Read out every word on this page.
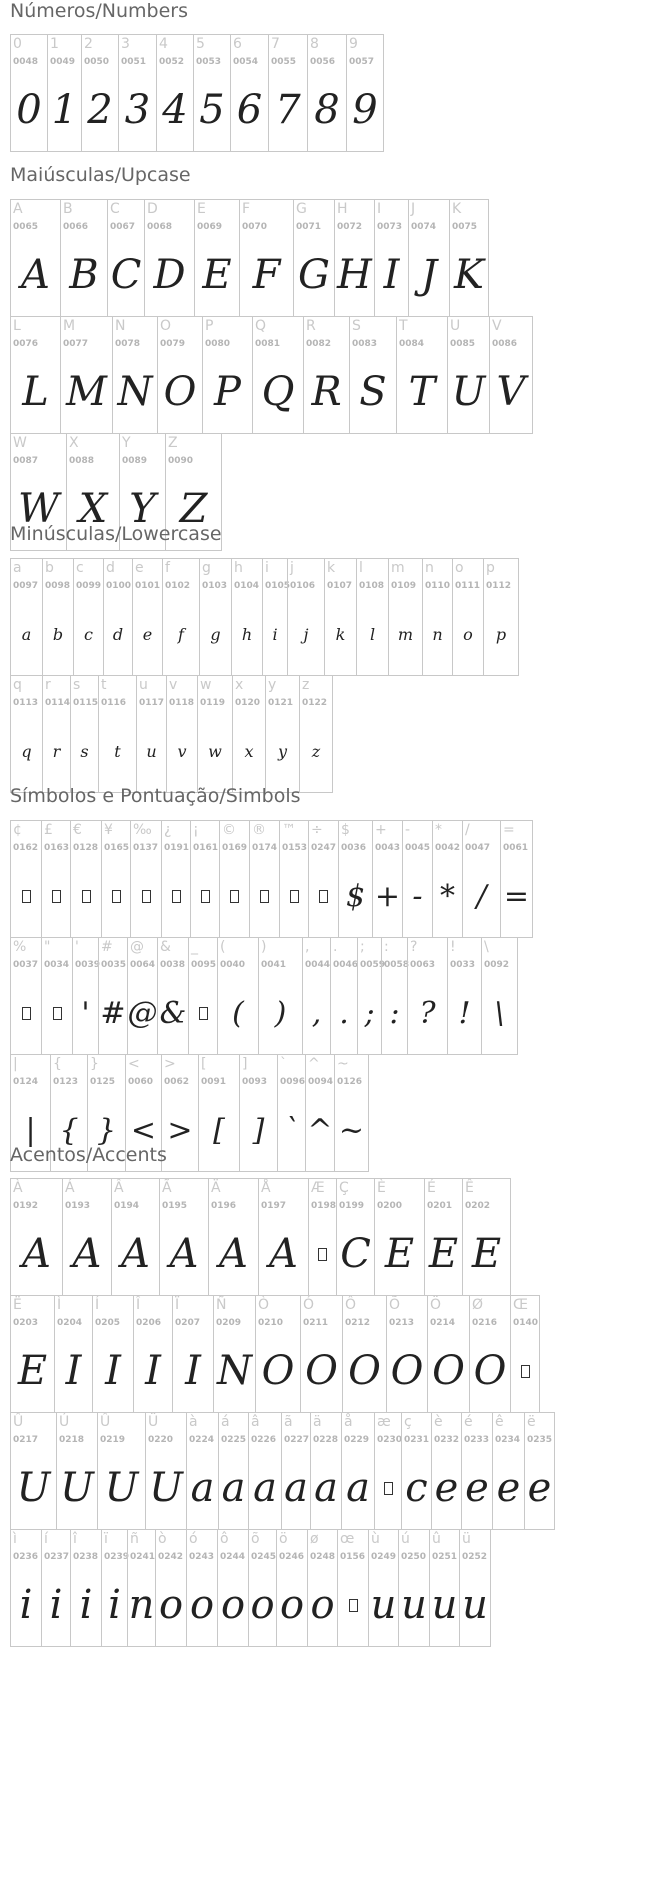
Números/Numbers
0
0048
0
1
0049
1
2
0050
2
3
0051
3
4
0052
4
5
0053
5
6
0054
6
7
0055
7
8
0056
8
9
0057
9
Maiúsculas/Upcase
A
0065
A
B
0066
B
C
0067
C
D
0068
D
E
0069
E
F
0070
F
G
0071
G
H
0072
H
I
0073
I
J
0074
J
K
0075
K
L
0076
L
M
0077
M
N
0078
N
O
0079
O
P
0080
P
Q
0081
Q
R
0082
R
S
0083
S
T
0084
T
U
0085
U
V
0086
V
W
0087
W
X
0088
X
Y
0089
Y
Z
0090
Z
Minúsculas/Lowercase
a
0097
a
b
0098
b
c
0099
c
d
0100
d
e
0101
e
f
0102
f
g
0103
g
h
0104
h
i
0105
i
j
0106
j
k
0107
k
l
0108
l
m
0109
m
n
0110
n
o
0111
o
p
0112
p
q
0113
q
r
0114
r
s
0115
s
t
0116
t
u
0117
u
v
0118
v
w
0119
w
x
0120
x
y
0121
y
z
0122
z
Símbolos e Pontuação/Simbols
¢
0162
£
0163
€
0128
¥
0165
‰
0137
¿
0191
¡
0161
©
0169
®
0174
™
0153
÷
0247
$
0036
$
+
0043
+
-
0045
-
*
0042
*
/
0047
/
=
0061
=
%
0037
"
0034
'
0039
'
#
0035
#
@
0064
@
&
0038
&
_
0095
(
0040
(
)
0041
)
,
0044
,
.
0046
.
;
0059
;
:
0058
:
?
0063
?
!
0033
!
\
0092
\
|
0124
|
{
0123
{
}
0125
}
<
0060
<
>
0062
>
[
0091
[
]
0093
]
`
0096
`
^
0094
^
~
0126
~
Acentos/Accents
À
0192
A
Á
0193
A
Â
0194
A
Ã
0195
A
Ä
0196
A
Å
0197
A
Æ
0198
Ç
0199
C
È
0200
E
É
0201
E
Ê
0202
E
Ë
0203
E
Ì
0204
I
Í
0205
I
Î
0206
I
Ï
0207
I
Ñ
0209
N
Ò
0210
O
Ó
0211
O
Ô
0212
O
Õ
0213
O
Ö
0214
O
Ø
0216
O
Œ
0140
Û
0217
U
Ú
0218
U
Û
0219
U
Ü
0220
U
à
0224
a
á
0225
a
â
0226
a
ã
0227
a
ä
0228
a
å
0229
a
æ
0230
ç
0231
c
è
0232
e
é
0233
e
ê
0234
e
ë
0235
e
ì
0236
i
í
0237
i
î
0238
i
ï
0239
i
ñ
0241
n
ò
0242
o
ó
0243
o
ô
0244
o
õ
0245
o
ö
0246
o
ø
0248
o
œ
0156
ù
0249
u
ú
0250
u
û
0251
u
ü
0252
u
